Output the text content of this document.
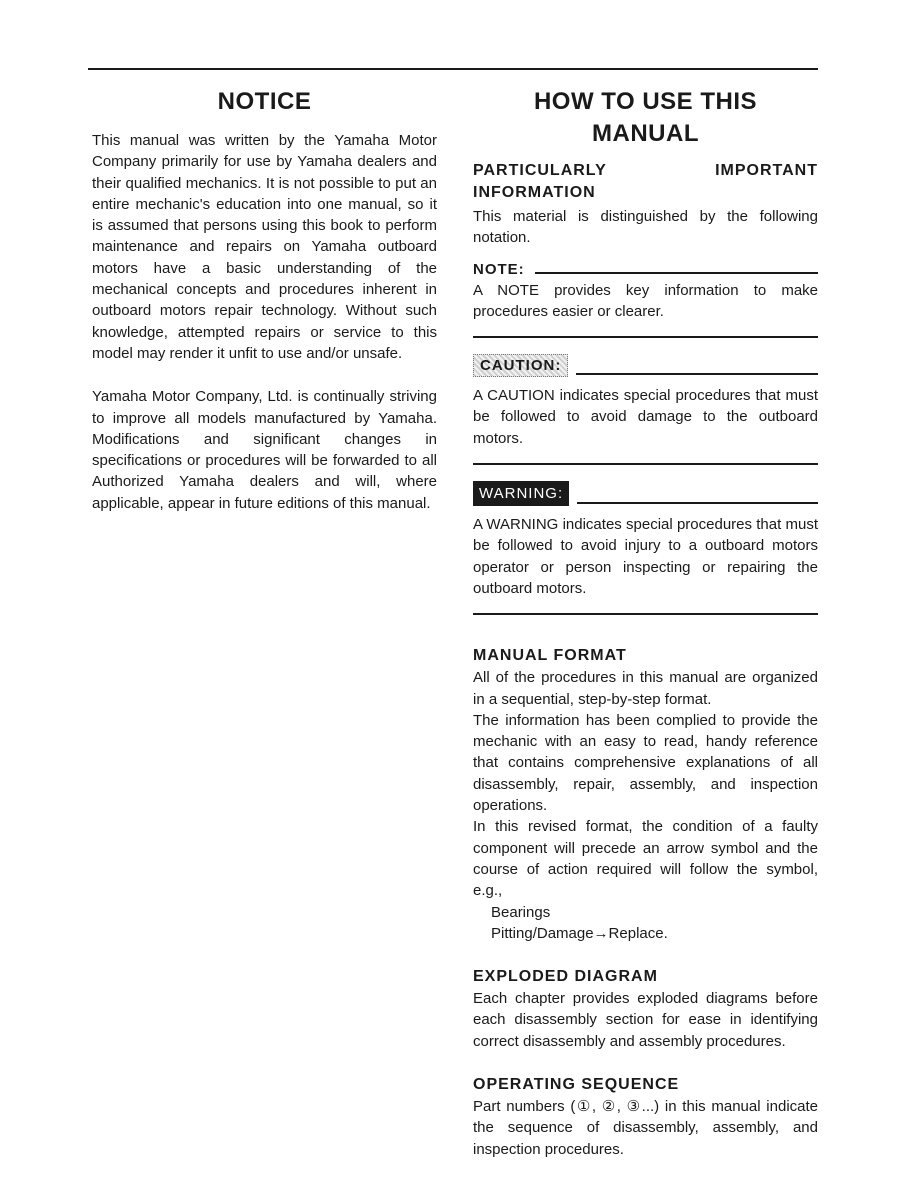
NOTICE

This manual was written by the Yamaha Motor Company primarily for use by Yamaha dealers and their qualified mechanics. It is not possible to put an entire mechanic's education into one manual, so it is assumed that persons using this book to perform maintenance and repairs on Yamaha outboard motors have a basic understanding of the mechanical concepts and procedures inherent in outboard motors repair technology. Without such knowledge, attempted repairs or service to this model may render it unfit to use and/or unsafe.

Yamaha Motor Company, Ltd. is continually striving to improve all models manufactured by Yamaha. Modifications and significant changes in specifications or procedures will be forwarded to all Authorized Yamaha dealers and will, where applicable, appear in future editions of this manual.

HOW TO USE THIS
MANUAL
PARTICULARLY IMPORTANT INFORMATION

This material is distinguished by the following notation.

NOTE:

A NOTE provides key information to make procedures easier or clearer.

CAUTION:

A CAUTION indicates special procedures that must be followed to avoid damage to the outboard motors.

WARNING:

A WARNING indicates special procedures that must be followed to avoid injury to a outboard motors operator or person inspecting or repairing the outboard motors.

MANUAL FORMAT

All of the procedures in this manual are organized in a sequential, step-by-step format.

The information has been complied to provide the mechanic with an easy to read, handy reference that contains comprehensive explanations of all disassembly, repair, assembly, and inspection operations.

In this revised format, the condition of a faulty component will precede an arrow symbol and the course of action required will follow the symbol, e.g.,

Bearings

Pitting/Damage→Replace.

EXPLODED DIAGRAM

Each chapter provides exploded diagrams before each disassembly section for ease in identifying correct disassembly and assembly procedures.

OPERATING SEQUENCE

Part numbers (①, ②, ③...) in this manual indicate the sequence of disassembly, assembly, and inspection procedures.
